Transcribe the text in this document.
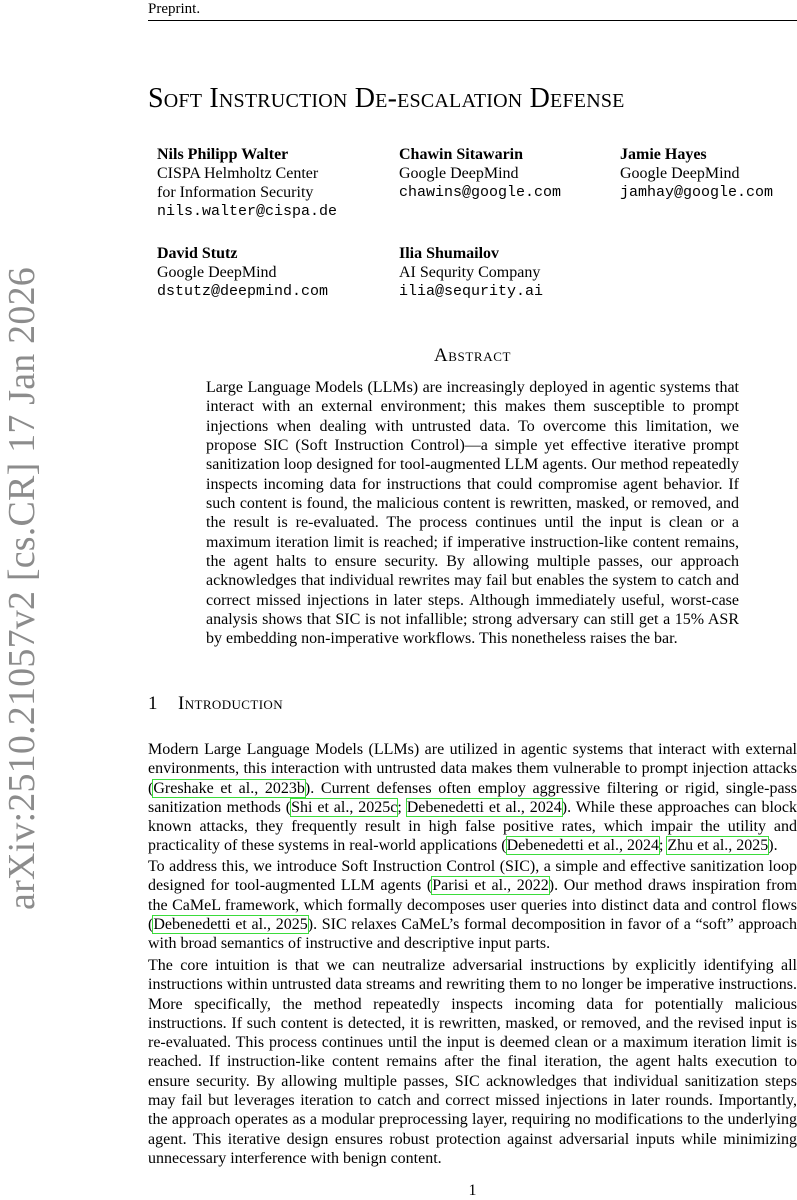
Preprint.
arXiv:2510.21057v2 [cs.CR] 17 Jan 2026
Soft Instruction De-escalation Defense
Nils Philipp Walter
CISPA Helmholtz Center
for Information Security
nils.walter@cispa.de
Chawin Sitawarin
Google DeepMind
chawins@google.com
Jamie Hayes
Google DeepMind
jamhay@google.com
David Stutz
Google DeepMind
dstutz@deepmind.com
Ilia Shumailov
AI Sequrity Company
ilia@sequrity.ai
Abstract
Large Language Models (LLMs) are increasingly deployed in agentic systems that interact with an external environment; this makes them susceptible to prompt injections when dealing with untrusted data. To overcome this limitation, we propose SIC (Soft Instruction Control)—a simple yet effective iterative prompt sanitization loop designed for tool-augmented LLM agents. Our method repeatedly inspects incoming data for instructions that could compromise agent behavior. If such content is found, the malicious content is rewritten, masked, or removed, and the result is re-evaluated. The process continues until the input is clean or a maximum iteration limit is reached; if imperative instruction-like content remains, the agent halts to ensure security. By allowing multiple passes, our approach acknowledges that individual rewrites may fail but enables the system to catch and correct missed injections in later steps. Although immediately useful, worst-case analysis shows that SIC is not infallible; strong adversary can still get a 15% ASR by embedding non-imperative workflows. This nonetheless raises the bar.
1 Introduction
Modern Large Language Models (LLMs) are utilized in agentic systems that interact with external environments, this interaction with untrusted data makes them vulnerable to prompt injection attacks (Greshake et al., 2023b). Current defenses often employ aggressive filtering or rigid, single-pass sanitization methods (Shi et al., 2025c; Debenedetti et al., 2024). While these approaches can block known attacks, they frequently result in high false positive rates, which impair the utility and practicality of these systems in real-world applications (Debenedetti et al., 2024; Zhu et al., 2025).
To address this, we introduce Soft Instruction Control (SIC), a simple and effective sanitization loop designed for tool-augmented LLM agents (Parisi et al., 2022). Our method draws inspiration from the CaMeL framework, which formally decomposes user queries into distinct data and control flows (Debenedetti et al., 2025). SIC relaxes CaMeL’s formal decomposition in favor of a “soft” approach with broad semantics of instructive and descriptive input parts.
The core intuition is that we can neutralize adversarial instructions by explicitly identifying all instructions within untrusted data streams and rewriting them to no longer be imperative instructions. More specifically, the method repeatedly inspects incoming data for potentially malicious instructions. If such content is detected, it is rewritten, masked, or removed, and the revised input is re-evaluated. This process continues until the input is deemed clean or a maximum iteration limit is reached. If instruction-like content remains after the final iteration, the agent halts execution to ensure security. By allowing multiple passes, SIC acknowledges that individual sanitization steps may fail but leverages iteration to catch and correct missed injections in later rounds. Importantly, the approach operates as a modular preprocessing layer, requiring no modifications to the underlying agent. This iterative design ensures robust protection against adversarial inputs while minimizing unnecessary interference with benign content.
1
